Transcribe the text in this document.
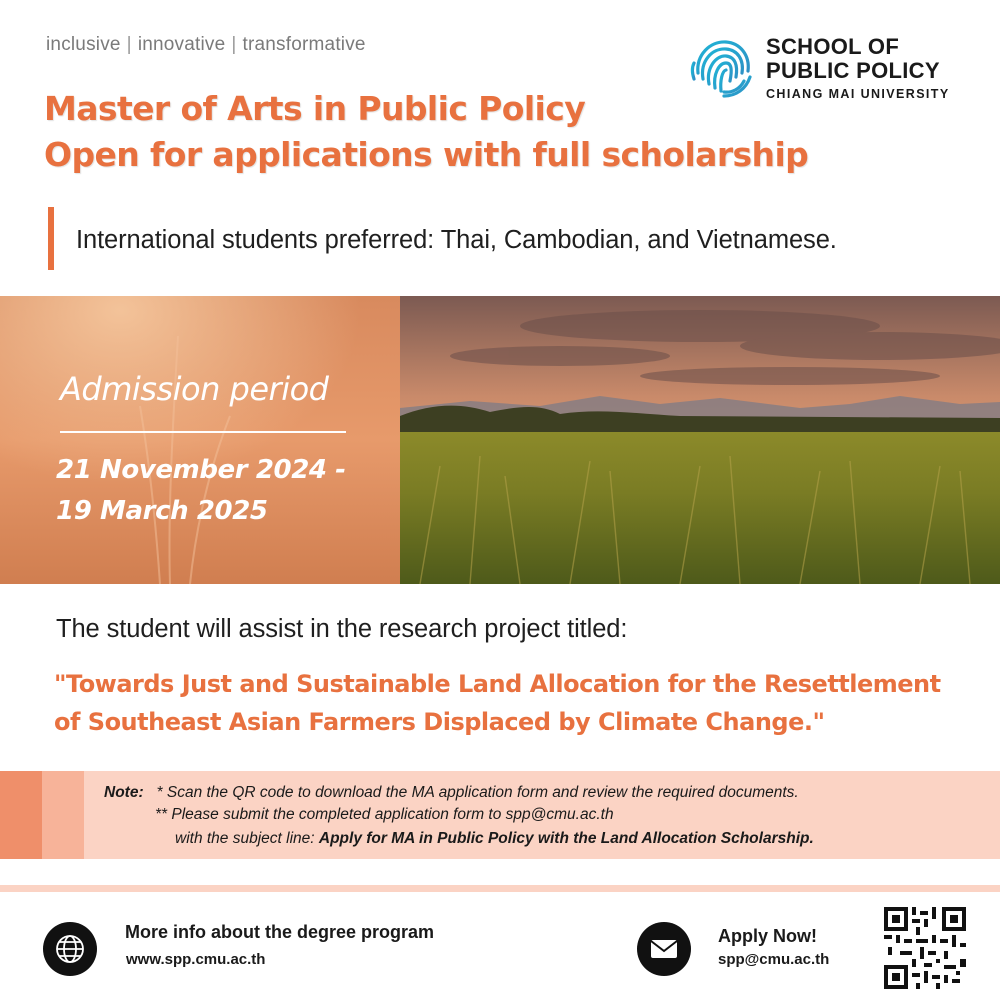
inclusive | innovative | transformative	SCHOOL OF
PUBLIC POLICY
CHIANG MAI UNIVERSITY
Master of Arts in Public Policy
Open for applications with full scholarship
International students preferred: Thai, Cambodian, and Vietnamese.
Admission period
21 November 2024 -
19 March 2025
The student will assist in the research project titled:
"Towards Just and Sustainable Land Allocation for the Resettlement
of Southeast Asian Farmers Displaced by Climate Change."
Note: * Scan the QR code to download the MA application form and review the required documents.
** Please submit the completed application form to spp@cmu.ac.th
with the subject line: Apply for MA in Public Policy with the Land Allocation Scholarship.
More info about the degree program
www.spp.cmu.ac.th
Apply Now!
spp@cmu.ac.th
